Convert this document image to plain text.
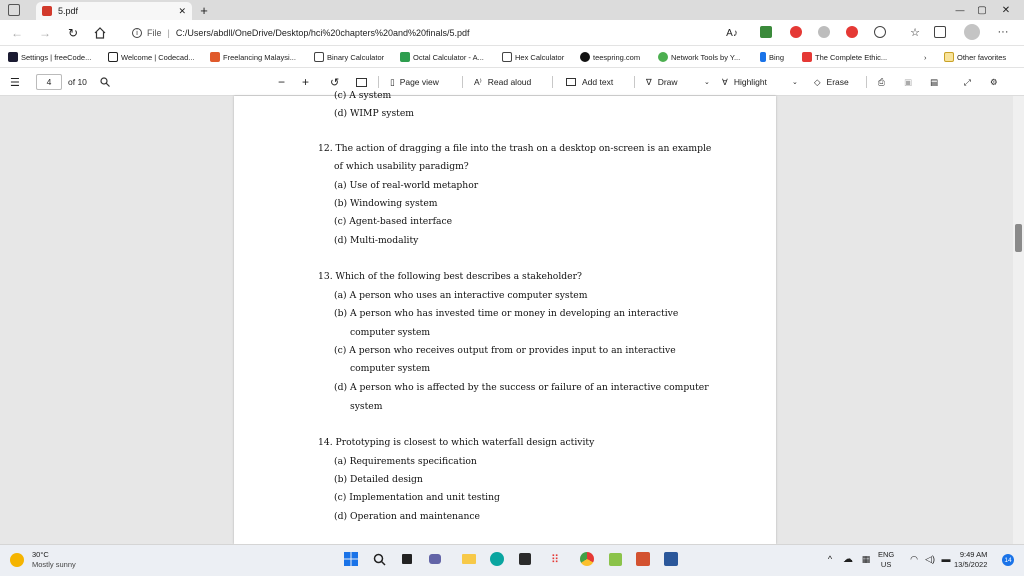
5.pdf	✕	+	—	▢	✕
← → ↻	i	File | C:/Users/abdll/OneDrive/Desktop/hci%20chapters%20and%20finals/5.pdf	A♪	☆	···
Settings | freeCode...	Welcome | Codecad...	Freelancing Malaysi...	Binary Calculator	Octal Calculator - A...	Hex Calculator	teespring.com	Network Tools by Y...	Bing	The Complete Ethic...	›	Other favorites
☰	4 of 10	− + ↺	▯ Page view	A⁾ Read aloud	Add text	∇ Draw	⌄ ∀ Highlight	⌄ ◇ Erase	⎙ ▣ ▤	⤢ ⚙
(c) A system
(d) WIMP system
12. The action of dragging a file into the trash on a desktop on-screen is an example
of which usability paradigm?
(a) Use of real-world metaphor
(b) Windowing system
(c) Agent-based interface
(d) Multi-modality
13. Which of the following best describes a stakeholder?
(a) A person who uses an interactive computer system
(b) A person who has invested time or money in developing an interactive
computer system
(c) A person who receives output from or provides input to an interactive
computer system
(d) A person who is affected by the success or failure of an interactive computer
system
14. Prototyping is closest to which waterfall design activity
(a) Requirements specification
(b) Detailed design
(c) Implementation and unit testing
(d) Operation and maintenance
30°C
Mostly sunny	⠿	^	☁ ▦	ENG
US
◠ ◁) ▬	9:49 AM
13/5/2022	14
